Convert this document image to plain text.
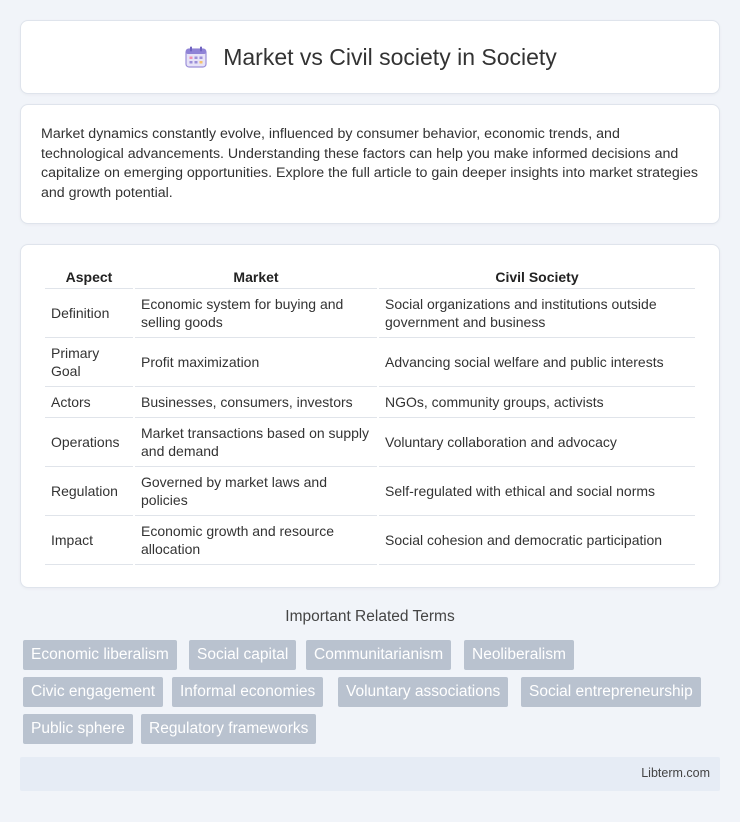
Market vs Civil society in Society

Market dynamics constantly evolve, influenced by consumer behavior, economic trends, and technological advancements. Understanding these factors can help you make informed decisions and capitalize on emerging opportunities. Explore the full article to gain deeper insights into market strategies and growth potential.

Aspect	Market	Civil Society
Definition	Economic system for buying and selling goods	Social organizations and institutions outside government and business
Primary Goal	Profit maximization	Advancing social welfare and public interests
Actors	Businesses, consumers, investors	NGOs, community groups, activists
Operations	Market transactions based on supply and demand	Voluntary collaboration and advocacy
Regulation	Governed by market laws and policies	Self-regulated with ethical and social norms
Impact	Economic growth and resource allocation	Social cohesion and democratic participation
Important Related Terms
Economic liberalism	Social capital	Communitarianism	Neoliberalism
Civic engagement	Informal economies	Voluntary associations	Social entrepreneurship
Public sphere	Regulatory frameworks
Libterm.com
